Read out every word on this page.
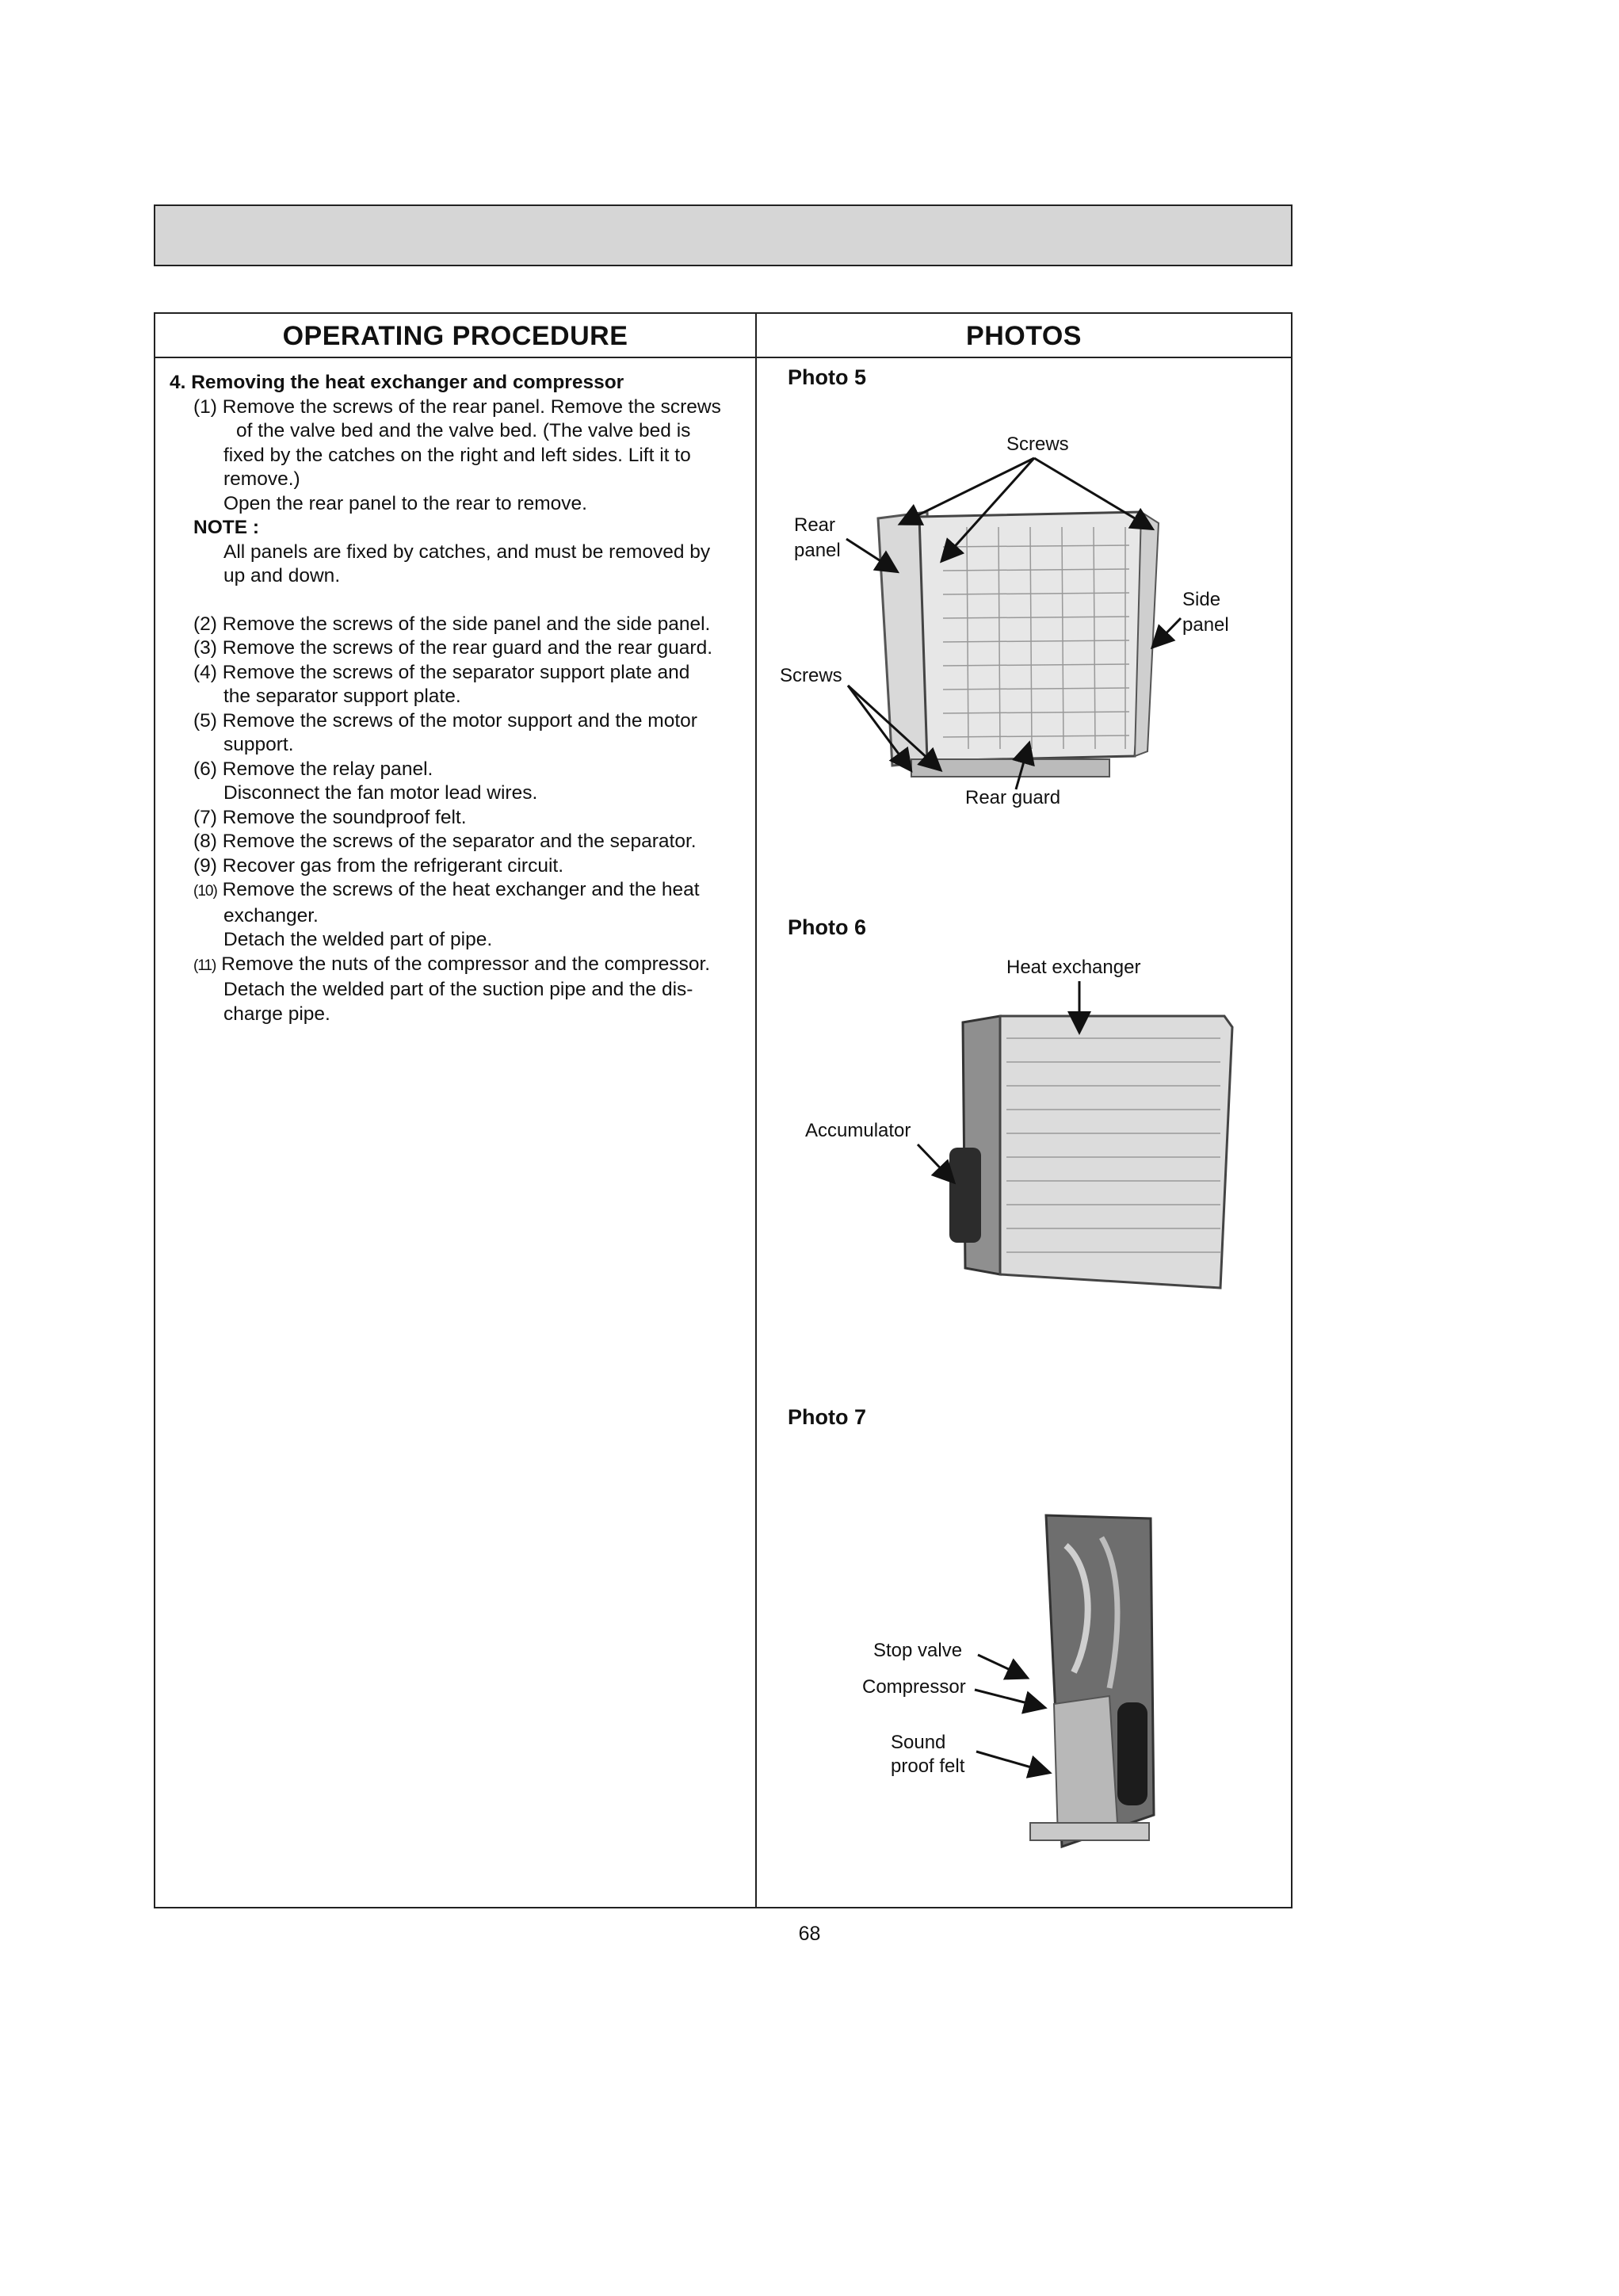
OPERATING PROCEDURE	PHOTOS
4. Removing the heat exchanger and compressor
(1) Remove the screws of the rear panel. Remove the screws
of the valve bed and the valve bed. (The valve bed is
fixed by the catches on the right and left sides. Lift it to
remove.)
Open the rear panel to the rear to remove.
NOTE :
All panels are fixed by catches, and must be removed by
up and down.
(2) Remove the screws of the side panel and the side panel.
(3) Remove the screws of the rear guard and the rear guard.
(4) Remove the screws of the separator support plate and
the separator support plate.
(5) Remove the screws of the motor support and the motor
support.
(6) Remove the relay panel.
Disconnect the fan motor lead wires.
(7) Remove the soundproof felt.
(8) Remove the screws of the separator and the separator.
(9) Recover gas from the refrigerant circuit.
(10) Remove the screws of the heat exchanger and the heat
exchanger.
Detach the welded part of pipe.
(11) Remove the nuts of the compressor and the compressor.
Detach the welded part of the suction pipe and the dis-
charge pipe.
Photo 5
Screws
Rear
panel
Side
panel
Screws
Rear guard
Photo 6
Heat exchanger
Accumulator
Photo 7
Stop valve
Compressor
Sound
proof felt
68
